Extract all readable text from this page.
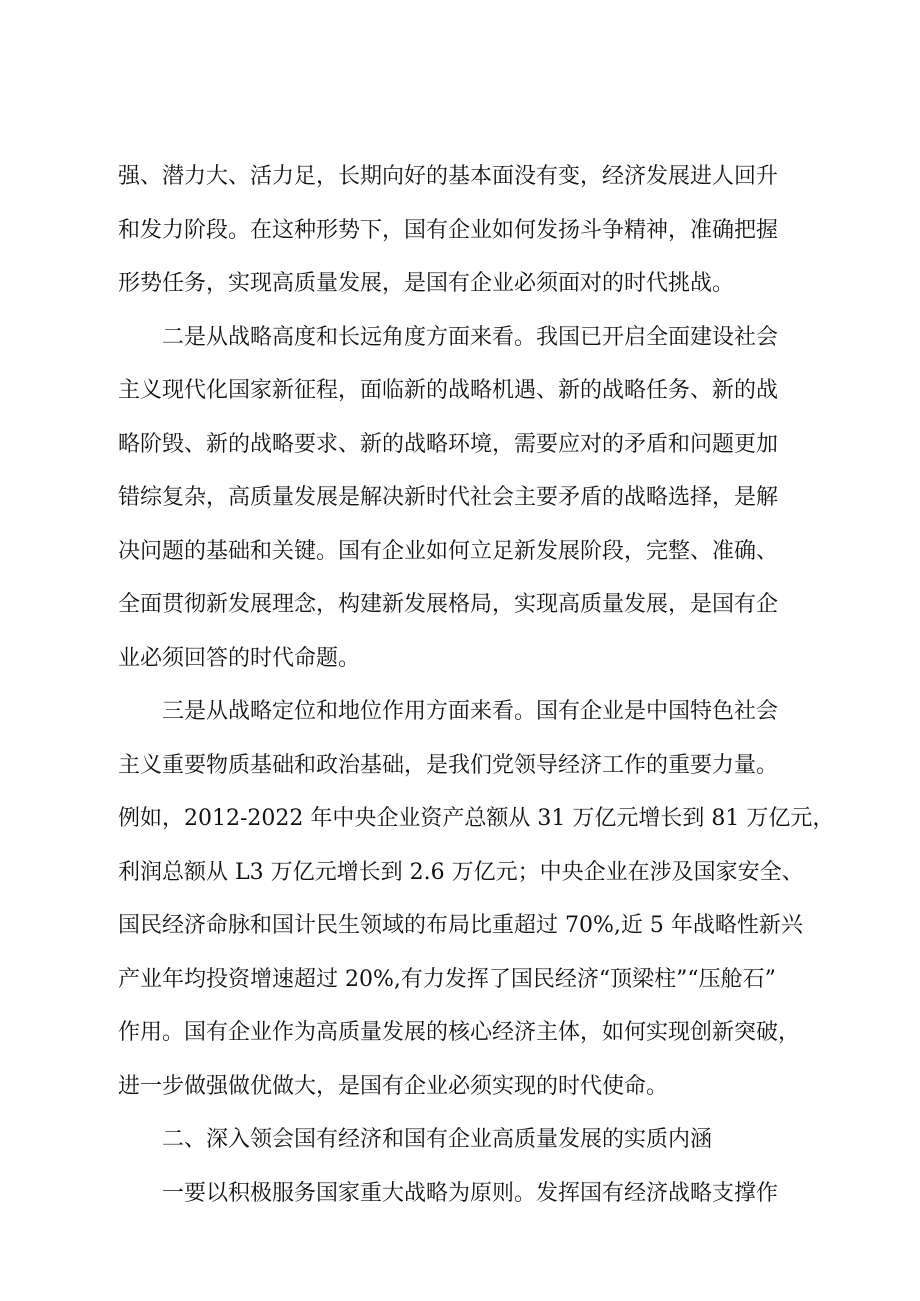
强、潜力大、活力足，长期向好的基本面没有变，经济发展进人回升
和发力阶段。在这种形势下，国有企业如何发扬斗争精神，准确把握
形势任务，实现高质量发展，是国有企业必须面对的时代挑战。
二是从战略高度和长远角度方面来看。我国已开启全面建设社会
主义现代化国家新征程，面临新的战略机遇、新的战略任务、新的战
略阶毁、新的战略要求、新的战略环境，需要应对的矛盾和问题更加
错综复杂，高质量发展是解决新时代社会主要矛盾的战略选择，是解
决问题的基础和关键。国有企业如何立足新发展阶段，完整、准确、
全面贯彻新发展理念，构建新发展格局，实现高质量发展，是国有企
业必须回答的时代命题。
三是从战略定位和地位作用方面来看。国有企业是中国特色社会
主义重要物质基础和政治基础，是我们党领导经济工作的重要力量。
例如，2012-2022 年中央企业资产总额从 31 万亿元增长到 81 万亿元，
利润总额从 L3 万亿元增长到 2.6 万亿元；中央企业在涉及国家安全、
国民经济命脉和国计民生领域的布局比重超过 70%,近 5 年战略性新兴
产业年均投资增速超过 20%,有力发挥了国民经济“顶梁柱”“压舱石”
作用。国有企业作为高质量发展的核心经济主体，如何实现创新突破，
进一步做强做优做大，是国有企业必须实现的时代使命。
二、深入领会国有经济和国有企业高质量发展的实质内涵
一要以积极服务国家重大战略为原则。发挥国有经济战略支撑作
